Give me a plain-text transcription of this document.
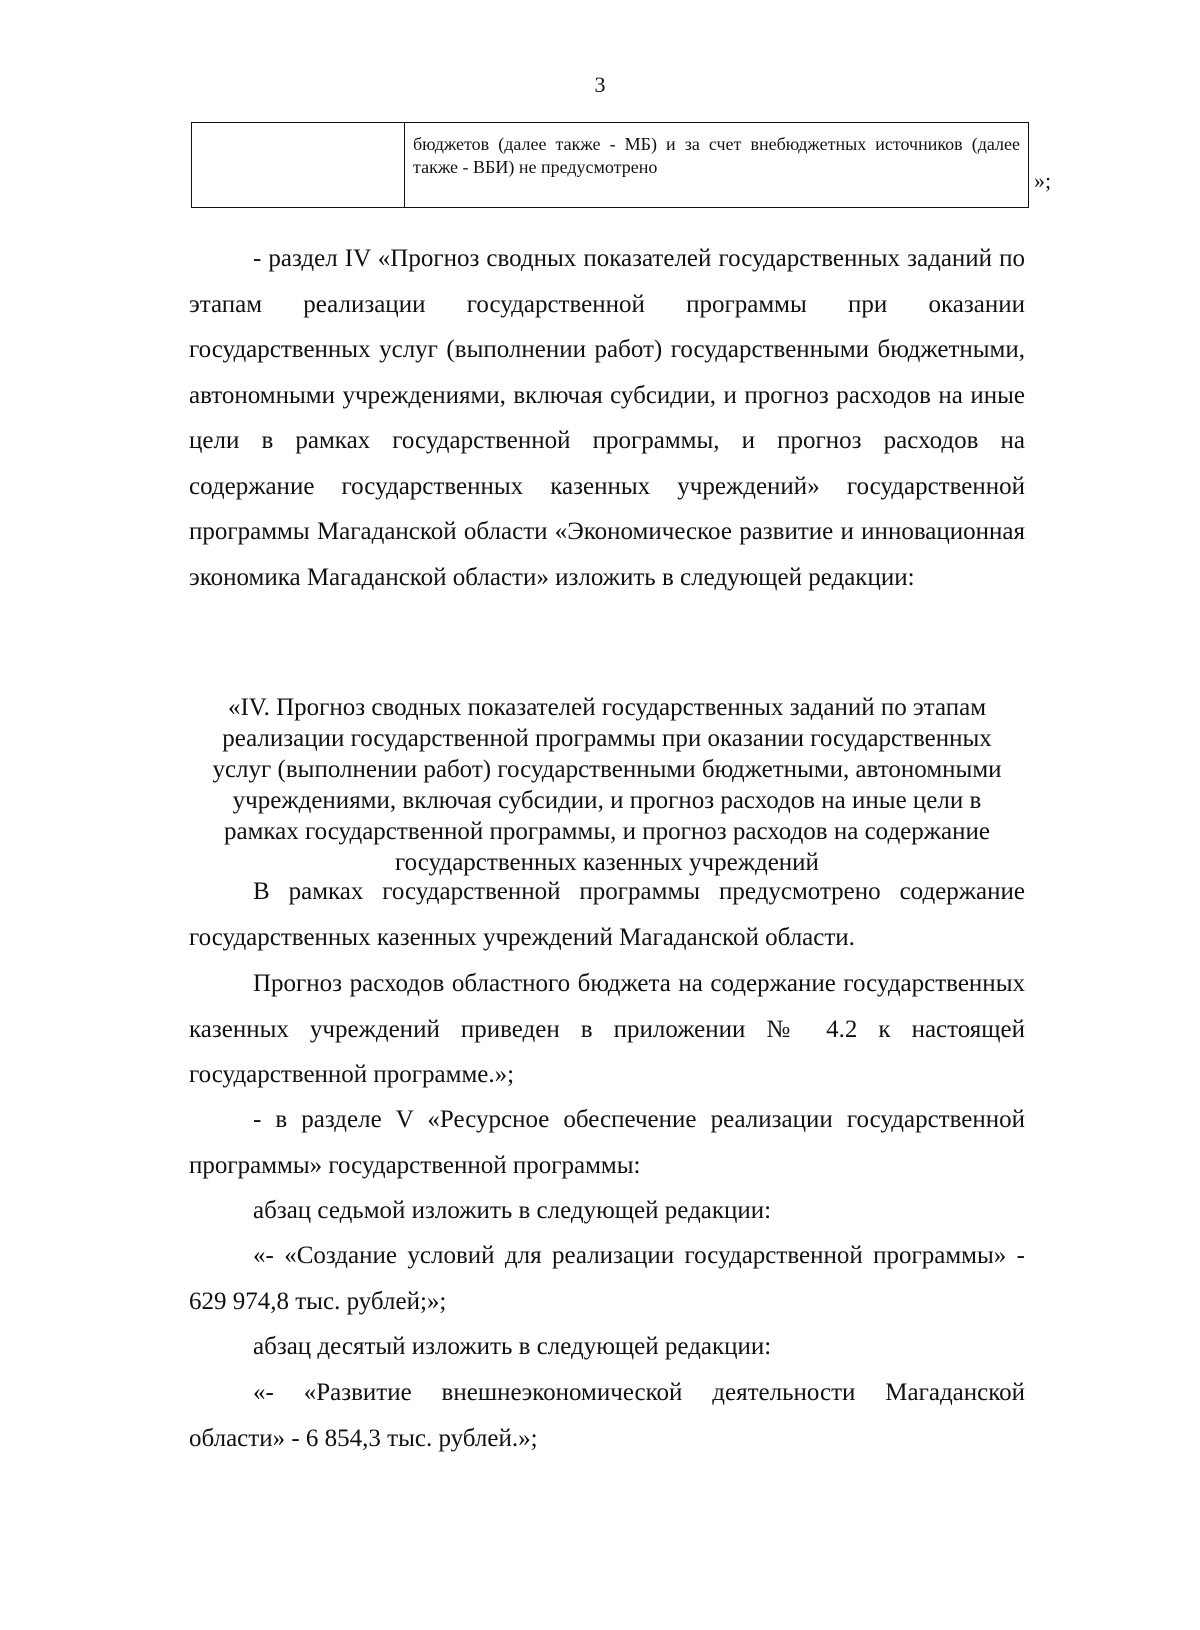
3
бюджетов (далее также - МБ) и за счет внебюджетных источников (далее также - ВБИ) не предусмотрено
»;

- раздел IV «Прогноз сводных показателей государственных заданий по этапам реализации государственной программы при оказании государственных услуг (выполнении работ) государственными бюджетными, автономными учреждениями, включая субсидии, и прогноз расходов на иные цели в рамках государственной программы, и прогноз расходов на содержание государственных казенных учреждений» государственной программы Магаданской области «Экономическое развитие и инновационная экономика Магаданской области» изложить в следующей редакции:

«IV. Прогноз сводных показателей государственных заданий по этапам
реализации государственной программы при оказании государственных
услуг (выполнении работ) государственными бюджетными, автономными
учреждениями, включая субсидии, и прогноз расходов на иные цели в
рамках государственной программы, и прогноз расходов на содержание
государственных казенных учреждений

В рамках государственной программы предусмотрено содержание государственных казенных учреждений Магаданской области.

Прогноз расходов областного бюджета на содержание государственных казенных учреждений приведен в приложении № 4.2 к настоящей государственной программе.»;

- в разделе V «Ресурсное обеспечение реализации государственной программы» государственной программы:

абзац седьмой изложить в следующей редакции:

«- «Создание условий для реализации государственной программы» - 629 974,8 тыс. рублей;»;

абзац десятый изложить в следующей редакции:

«- «Развитие внешнеэкономической деятельности Магаданской области» - 6 854,3 тыс. рублей.»;
